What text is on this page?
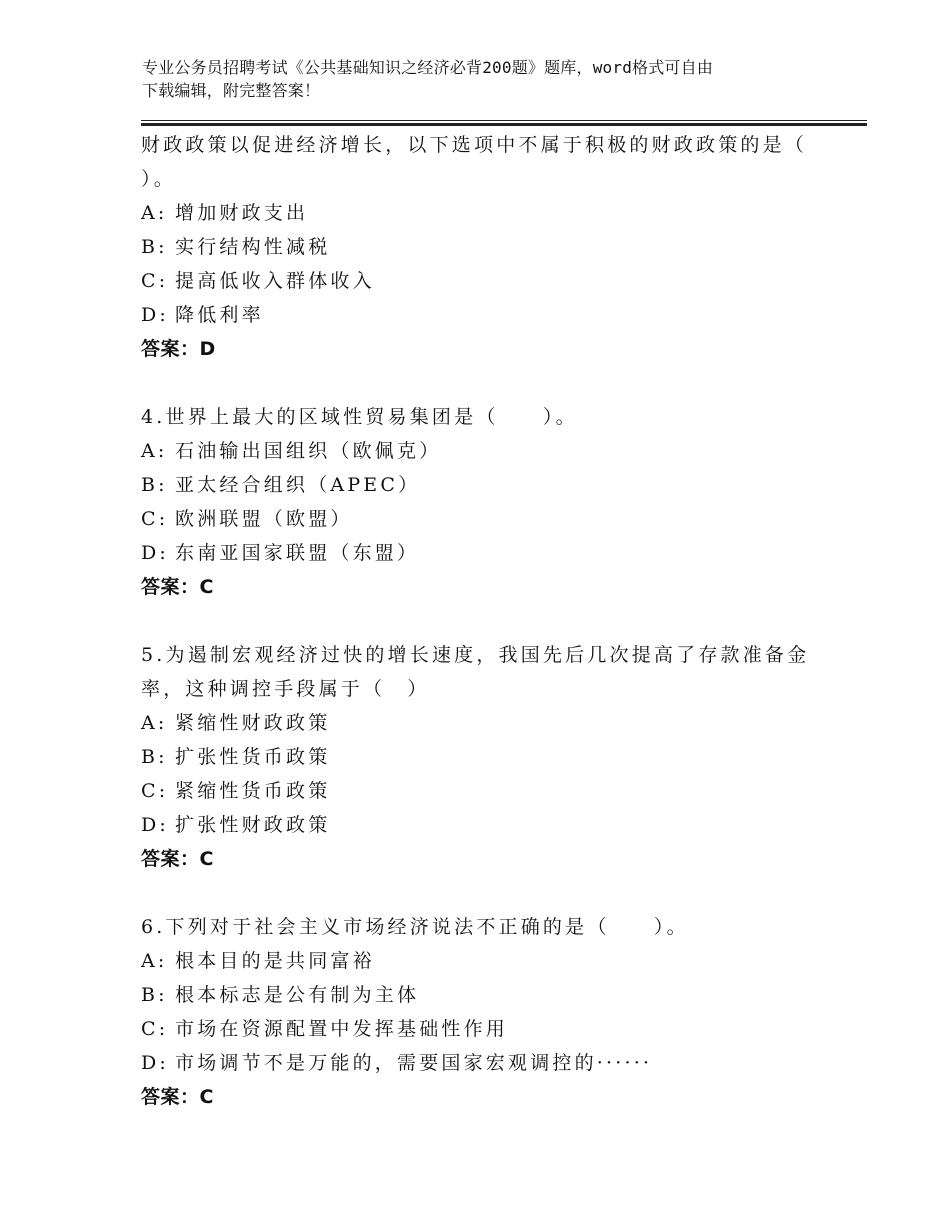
专业公务员招聘考试《公共基础知识之经济必背200题》题库，word格式可自由
下载编辑，附完整答案！
财政政策以促进经济增长，以下选项中不属于积极的财政政策的是（
）。
A: 增加财政支出
B: 实行结构性减税
C: 提高低收入群体收入
D: 降低利率
答案：D
4.世界上最大的区域性贸易集团是（　　）。
A: 石油输出国组织（欧佩克）
B: 亚太经合组织（APEC）
C: 欧洲联盟（欧盟）
D: 东南亚国家联盟（东盟）
答案：C
5.为遏制宏观经济过快的增长速度，我国先后几次提高了存款准备金
率，这种调控手段属于（　）
A: 紧缩性财政政策
B: 扩张性货币政策
C: 紧缩性货币政策
D: 扩张性财政政策
答案：C
6.下列对于社会主义市场经济说法不正确的是（　　）。
A: 根本目的是共同富裕
B: 根本标志是公有制为主体
C: 市场在资源配置中发挥基础性作用
D: 市场调节不是万能的，需要国家宏观调控的······
答案：C
